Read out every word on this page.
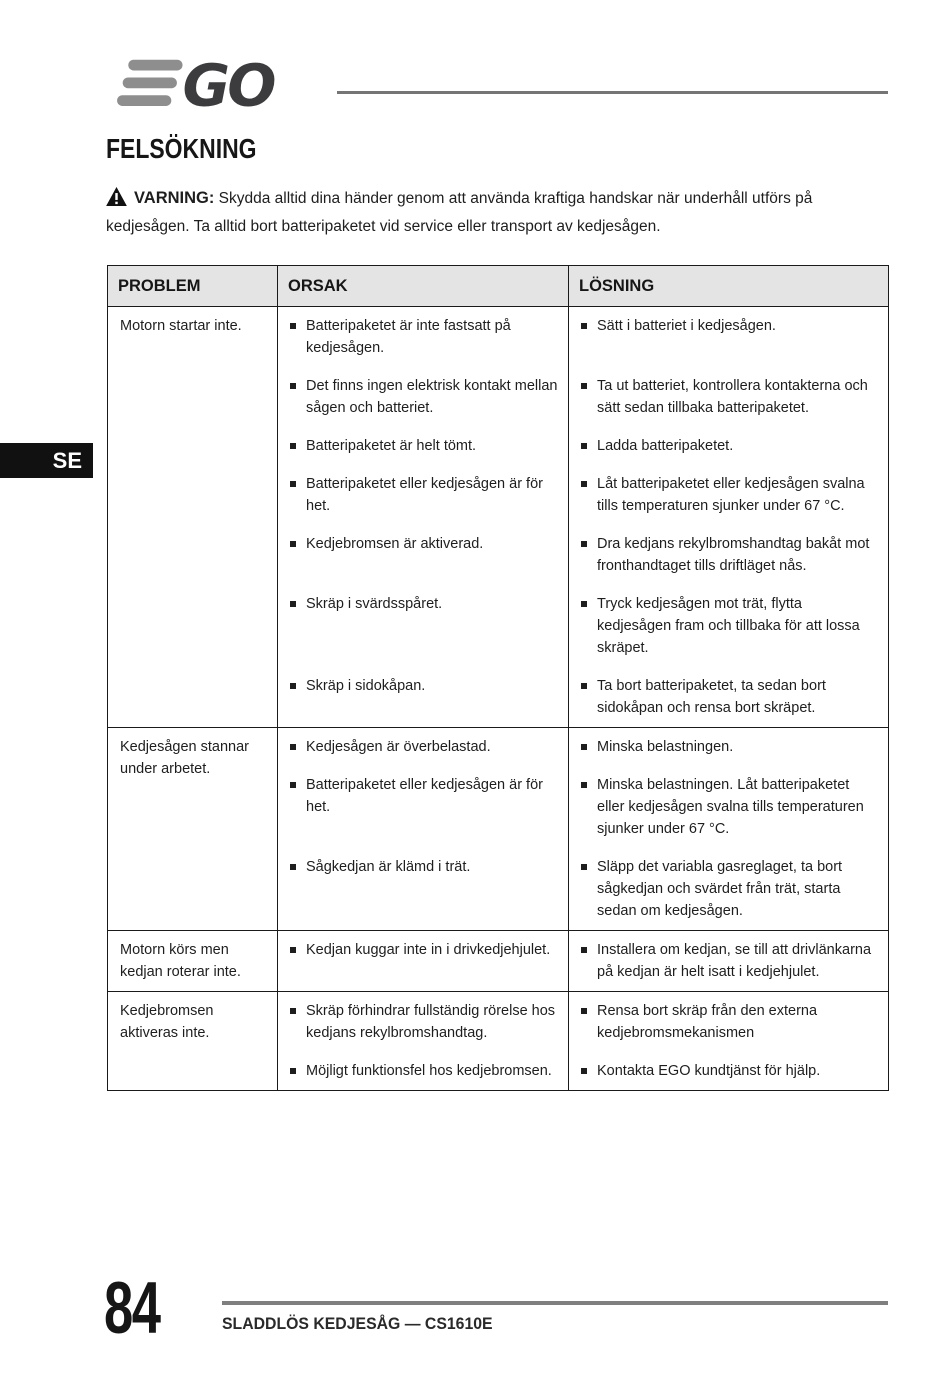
GO
FELSÖKNING
VARNING: Skydda alltid dina händer genom att använda kraftiga handskar när underhåll utförs på kedjesågen. Ta alltid bort batteripaketet vid service eller transport av kedjesågen.
SE
PROBLEM	ORSAK	LÖSNING
Motorn startar inte.	Batteripaketet är inte fastsatt på kedjesågen.	Sätt i batteriet i kedjesågen.

	Det finns ingen elektrisk kontakt mellan sågen och batteriet.	Ta ut batteriet, kontrollera kontakterna och sätt sedan tillbaka batteripaketet.

	Batteripaketet är helt tömt.	Ladda batteripaketet.

	Batteripaketet eller kedjesågen är för het.	Låt batteripaketet eller kedjesågen svalna tills temperaturen sjunker under 67 °C.

	Kedjebromsen är aktiverad.	Dra kedjans rekylbromshandtag bakåt mot fronthandtaget tills driftläget nås.

	Skräp i svärdsspåret.	Tryck kedjesågen mot trät, flytta kedjesågen fram och tillbaka för att lossa skräpet.

	Skräp i sidokåpan.	Ta bort batteripaketet, ta sedan bort sidokåpan och rensa bort skräpet.

Kedjesågen stannar under arbetet.	Kedjesågen är överbelastad.	Minska belastningen.

	Batteripaketet eller kedjesågen är för het.	Minska belastningen. Låt batteripaketet eller kedjesågen svalna tills temperaturen sjunker under 67 °C.

	Sågkedjan är klämd i trät.	Släpp det variabla gasreglaget, ta bort sågkedjan och svärdet från trät, starta sedan om kedjesågen.

Motorn körs men kedjan roterar inte.	Kedjan kuggar inte in i drivkedjehjulet.	Installera om kedjan, se till att drivlänkarna på kedjan är helt isatt i kedjehjulet.

Kedjebromsen aktiveras inte.	Skräp förhindrar fullständig rörelse hos kedjans rekylbromshandtag.	Rensa bort skräp från den externa kedjebromsmekanismen

	Möjligt funktionsfel hos kedjebromsen.	Kontakta EGO kundtjänst för hjälp.
84	SLADDLÖS KEDJESÅG — CS1610E
